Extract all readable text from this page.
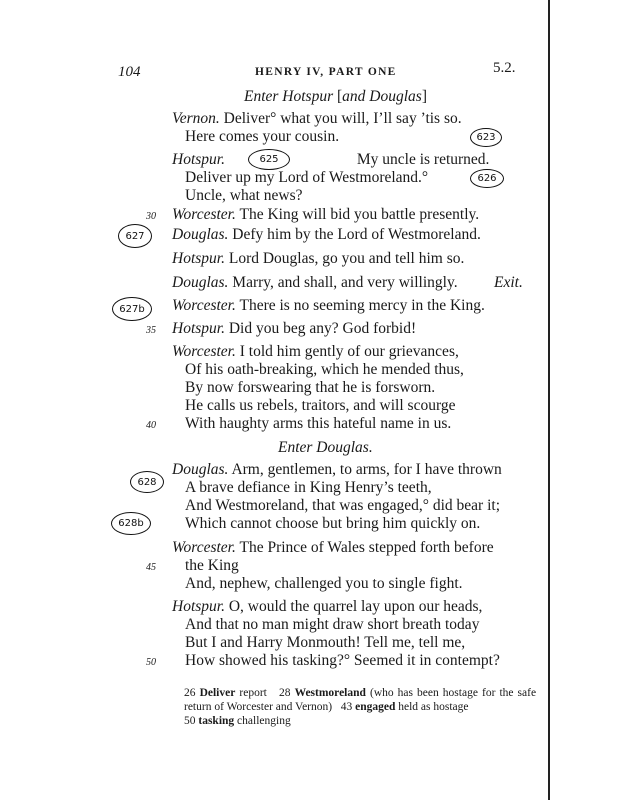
104	HENRY IV, PART ONE	5.2.
Enter Hotspur [and Douglas]
Vernon. Deliver° what you will, I’ll say ’tis so.
Here comes your cousin.
Hotspur.	My uncle is returned.
Deliver up my Lord of Westmoreland.°
Uncle, what news?
Worcester. The King will bid you battle presently.
30
Douglas. Defy him by the Lord of Westmoreland.
Hotspur. Lord Douglas, go you and tell him so.
Douglas. Marry, and shall, and very willingly. Exit.
Worcester. There is no seeming mercy in the King.
Hotspur. Did you beg any? God forbid!
35
Worcester. I told him gently of our grievances,
Of his oath-breaking, which he mended thus,
By now forswearing that he is forsworn.
He calls us rebels, traitors, and will scourge
With haughty arms this hateful name in us.
40
Enter Douglas.
Douglas. Arm, gentlemen, to arms, for I have thrown
A brave defiance in King Henry’s teeth,
And Westmoreland, that was engaged,° did bear it;
Which cannot choose but bring him quickly on.
Worcester. The Prince of Wales stepped forth before
the King
45
And, nephew, challenged you to single fight.
Hotspur. O, would the quarrel lay upon our heads,
And that no man might draw short breath today
But I and Harry Monmouth! Tell me, tell me,
How showed his tasking?° Seemed it in contempt?
50
26 Deliver report 28 Westmoreland (who has been hostage for the safe return of Worcester and Vernon) 43 engaged held as hostage
50 tasking challenging
623
625
626
627
627b
628
628b
